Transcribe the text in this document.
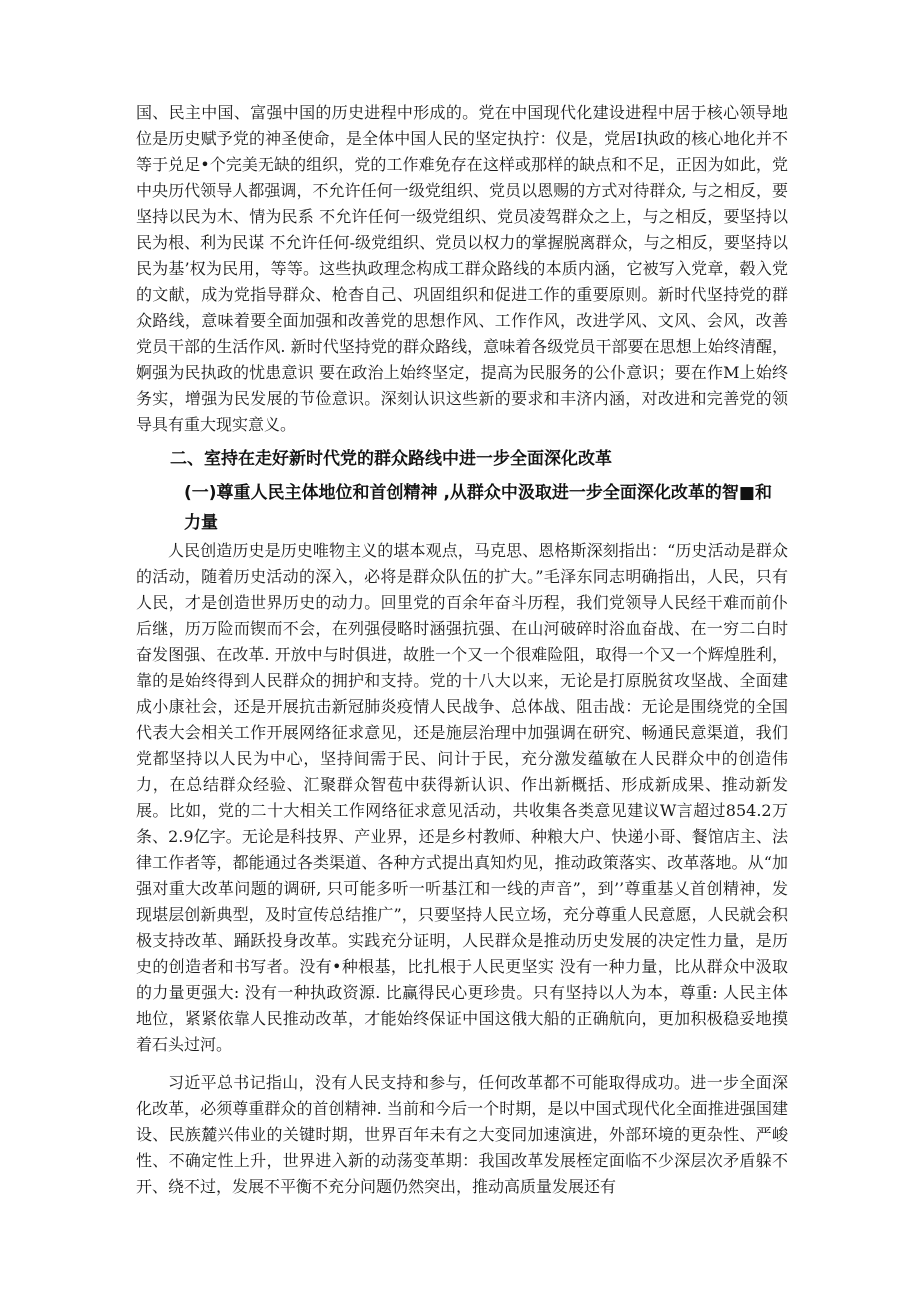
国、民主中国、富强中国的历史进程中形成的。党在中国现代化建设进程中居于核心领导地位是历史赋予党的神圣使命，是全体中国人民的坚定执拧：仪是，党居I执政的核心地化并不等于兑足•个完美无缺的组织，党的工作难免存在这样或那样的缺点和不足，正因为如此，党中央历代领导人都强调，不允许任何一级党组织、党员以恩赐的方式对待群众, 与之相反，要坚持以民为木、情为民系 不允许任何一级党组织、党员凌驾群众之上，与之相反，要坚持以民为根、利为民谋 不允许任何-级党组织、党员以权力的掌握脱离群众，与之相反，要坚持以民为基’权为民用，等等。这些执政理念构成工群众路线的本质内涵，它被写入党章，毂入党的文献，成为党指导群众、枪杳自己、巩固组织和促进工作的重要原则。新时代坚持党的群众路线，意味着要全面加强和改善党的思想作风、工作作风，改进学风、文风、会风，改善党员干部的生活作风. 新时代坚持党的群众路线，意味着各级党员干部要在思想上始终清醒，婀强为民执政的忧患意识 要在政治上始终坚定，提高为民服务的公仆意识；要在作M上始终务实，增强为民发展的节俭意识。深刻认识这些新的要求和丰济内涵，对改进和完善党的领导具有重大现实意义。

二、室持在走好新时代党的群众路线中进一步全面深化改革

(一)尊重人民主体地位和首创精神 ,从群众中汲取进一步全面深化改革的智■和力量

人民创造历史是历史唯物主义的堪本观点，马克思、恩格斯深刻指出：“历史活动是群众的活动，随着历史活动的深入，必将是群众队伍的扩大。”毛泽东同志明确指出，人民，只有人民，才是创造世界历史的动力。回里党的百余年奋斗历程，我们党领导人民经干难而前仆后继，历万险而锲而不会，在列强侵略时涵强抗强、在山河破碎时浴血奋战、在一穷二白时奋发图强、在改革. 开放中与时俱进，故胜一个又一个很难险阻，取得一个又一个辉煌胜利，靠的是始终得到人民群众的拥护和支持。党的十八大以来，无论是打原脱贫攻坚战、全面建成小康社会，还是开展抗击新冠肺炎疫情人民战争、总体战、阻击战：无论是围绕党的全国代表大会相关工作开展网络征求意见，还是施层治理中加强调在研究、畅通民意渠道，我们党都坚持以人民为中心，坚持间需于民、问计于民，充分激发蕴敏在人民群众中的创造伟力，在总结群众经验、汇聚群众智苞中获得新认识、作出新概括、形成新成果、推动新发展。比如，党的二十大相关工作网络征求意见活动，共收集各类意见建议W言超过854.2万条、2.9亿字。无论是科技界、产业界，还是乡村教师、种粮大户、快递小哥、餐馆店主、法律工作者等，都能通过各类渠道、各种方式提出真知灼见，推动政策落实、改革落地。从“加强对重大改革问题的调研, 只可能多听一听基江和一线的声音”，到’’尊重基乂首创精神，发现堪层创新典型，及时宣传总结推广”，只要坚持人民立场，充分尊重人民意愿，人民就会积极支持改革、踊跃投身改革。实践充分证明，人民群众是推动历史发展的决定性力量，是历史的创造者和书写者。没有•种根基，比扎根于人民更坚实 没有一种力量，比从群众中汲取的力量更强大: 没有一种执政资源. 比赢得民心更珍贵。只有坚持以人为本，尊重: 人民主体地位，紧紧依靠人民推动改革，才能始终保证中国这俄大船的正确航向，更加积极稳妥地摸着石头过河。

习近平总书记指山，没有人民支持和参与，任何改革都不可能取得成功。进一步全面深化改革，必须尊重群众的首创精神. 当前和今后一个时期，是以中国式现代化全面推进强国建设、民族麓兴伟业的关键时期，世界百年未有之大变同加速演进，外部环境的更杂性、严峻性、不确定性上升，世界进入新的动荡变革期：我国改革发展桎定面临不少深层次矛盾躲不开、绕不过，发展不平衡不充分问题仍然突出，推动高质量发展还有
